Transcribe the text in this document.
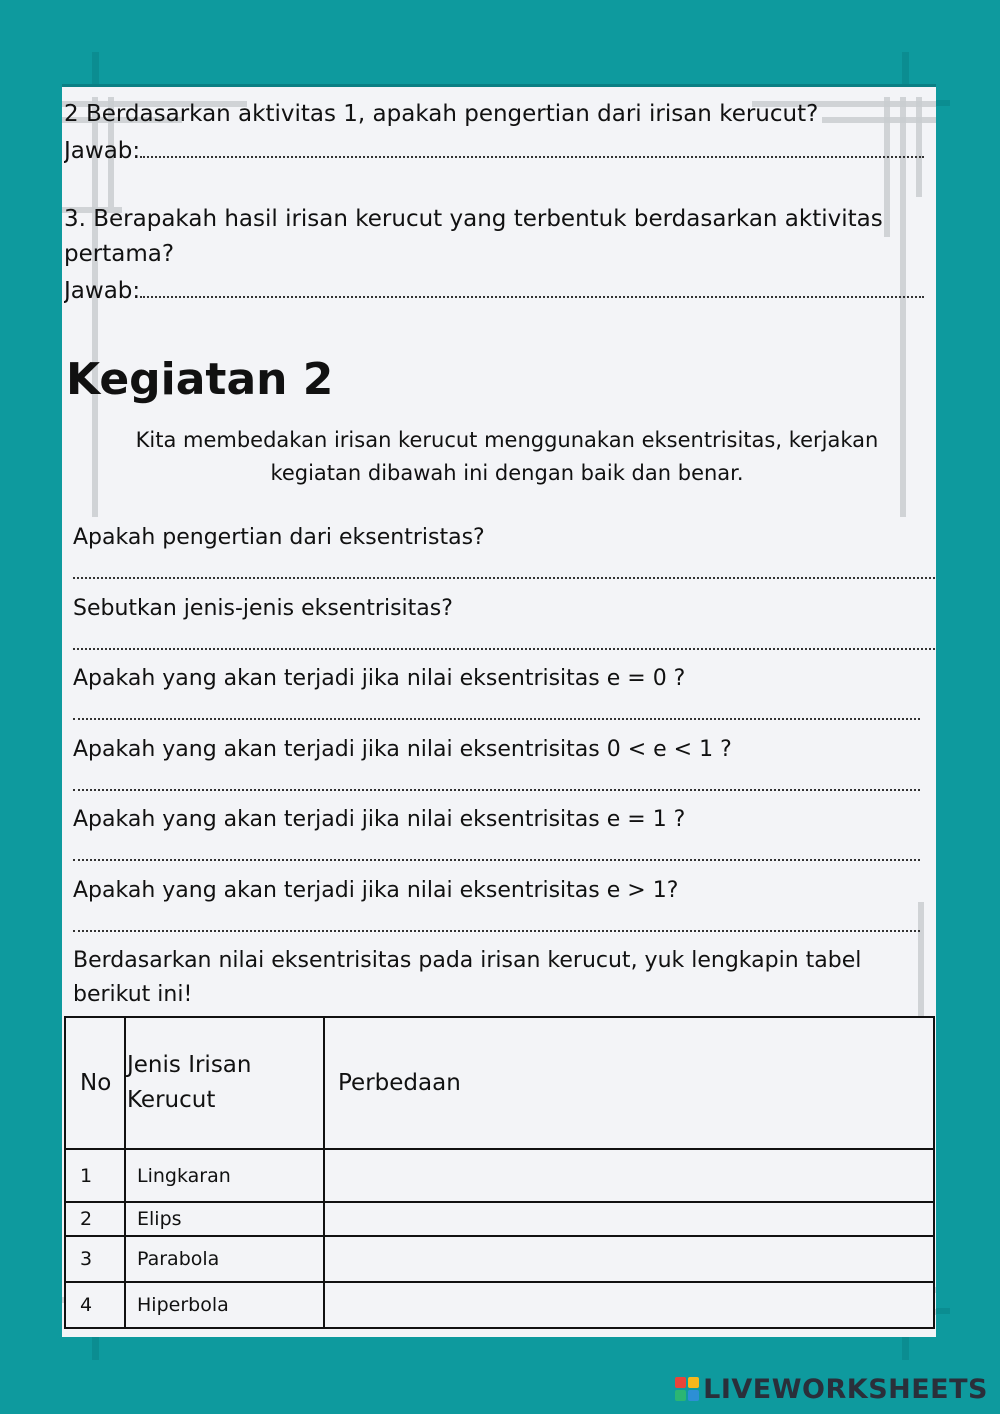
2 Berdasarkan aktivitas 1, apakah pengertian dari irisan kerucut?
Jawab:
3. Berapakah hasil irisan kerucut yang terbentuk berdasarkan aktivitas pertama?
Jawab:
Kegiatan 2
Kita membedakan irisan kerucut menggunakan eksentrisitas, kerjakan kegiatan dibawah ini dengan baik dan benar.
Apakah pengertian dari eksentristas?
Sebutkan jenis-jenis eksentrisitas?
Apakah yang akan terjadi jika nilai eksentrisitas e = 0 ?
Apakah yang akan terjadi jika nilai eksentrisitas 0 < e < 1 ?
Apakah yang akan terjadi jika nilai eksentrisitas e = 1 ?
Apakah yang akan terjadi jika nilai eksentrisitas e > 1?
Berdasarkan nilai eksentrisitas pada irisan kerucut, yuk lengkapin tabel berikut ini!
No	Jenis Irisan Kerucut	Perbedaan

1	Lingkaran	

2	Elips	

3	Parabola	

4	Hiperbola	

LIVEWORKSHEETS
